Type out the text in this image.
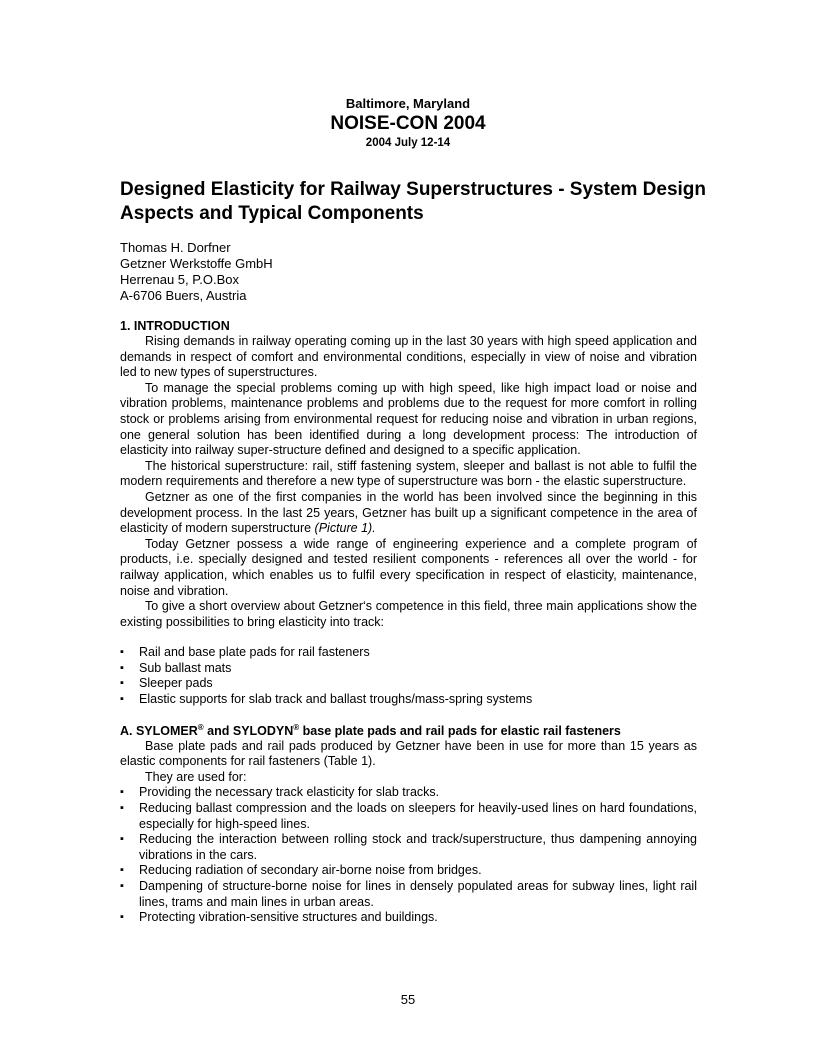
Baltimore, Maryland
NOISE-CON 2004
2004 July 12-14
Designed Elasticity for Railway Superstructures - System Design Aspects and Typical Components
Thomas H. Dorfner
Getzner Werkstoffe GmbH
Herrenau 5, P.O.Box
A-6706 Buers, Austria
1. INTRODUCTION

Rising demands in railway operating coming up in the last 30 years with high speed application and demands in respect of comfort and environmental conditions, especially in view of noise and vibration led to new types of superstructures.

To manage the special problems coming up with high speed, like high impact load or noise and vibration problems, maintenance problems and problems due to the request for more comfort in rolling stock or problems arising from environmental request for reducing noise and vibration in urban regions, one general solution has been identified during a long development process: The introduction of elasticity into railway super-structure defined and designed to a specific application.

The historical superstructure: rail, stiff fastening system, sleeper and ballast is not able to fulfil the modern requirements and therefore a new type of superstructure was born - the elastic superstructure.

Getzner as one of the first companies in the world has been involved since the beginning in this development process. In the last 25 years, Getzner has built up a significant competence in the area of elasticity of modern superstructure (Picture 1).

Today Getzner possess a wide range of engineering experience and a complete program of products, i.e. specially designed and tested resilient components - references all over the world - for railway application, which enables us to fulfil every specification in respect of elasticity, maintenance, noise and vibration.

To give a short overview about Getzner‘s competence in this field, three main applications show the existing possibilities to bring elasticity into track:

▪ Rail and base plate pads for rail fasteners
▪ Sub ballast mats
▪ Sleeper pads
▪ Elastic supports for slab track and ballast troughs/mass-spring systems
A. SYLOMER® and SYLODYN® base plate pads and rail pads for elastic rail fasteners

Base plate pads and rail pads produced by Getzner have been in use for more than 15 years as elastic components for rail fasteners (Table 1).

They are used for:

▪ Providing the necessary track elasticity for slab tracks.
▪ Reducing ballast compression and the loads on sleepers for heavily-used lines on hard foundations, especially for high-speed lines.
▪ Reducing the interaction between rolling stock and track/superstructure, thus dampening annoying vibrations in the cars.
▪ Reducing radiation of secondary air-borne noise from bridges.
▪ Dampening of structure-borne noise for lines in densely populated areas for subway lines, light rail lines, trams and main lines in urban areas.
▪ Protecting vibration-sensitive structures and buildings.
55
